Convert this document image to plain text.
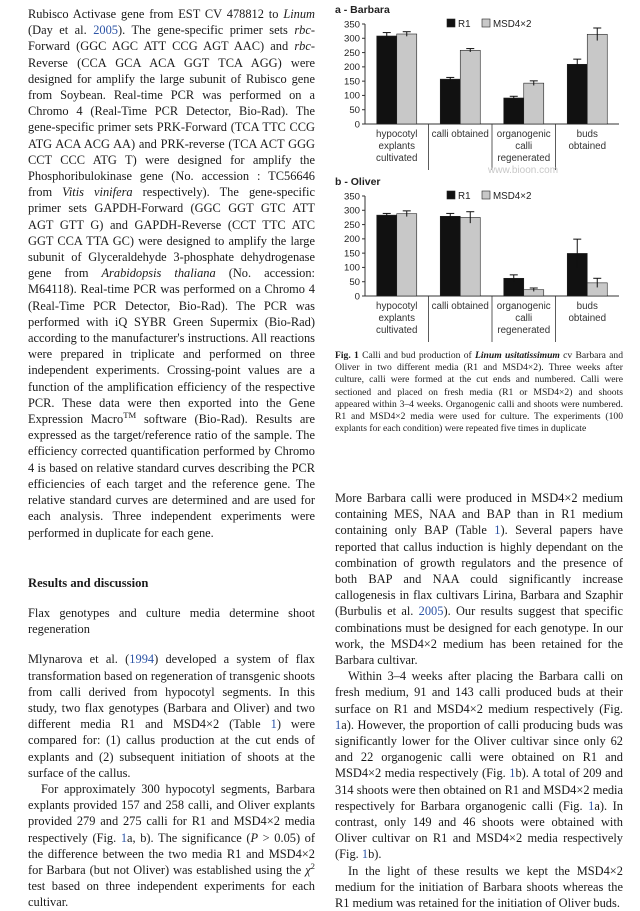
Rubisco Activase gene from EST CV 478812 to Linum (Day et al. 2005). The gene-specific primer sets rbc-Forward (GGC AGC ATT CCG AGT AAC) and rbc-Reverse (CCA GCA ACA GGT TCA AGG) were designed for amplify the large subunit of Rubisco gene from Soybean. Real-time PCR was performed on a Chromo 4 (Real-Time PCR Detector, Bio-Rad). The gene-specific primer sets PRK-Forward (TCA TTC CCG ATG ACA ACG AA) and PRK-reverse (TCA ACT GGG CCT CCC ATG T) were designed for amplify the Phosphoribulokinase gene (No. accession : TC56646 from Vitis vinifera respectively). The gene-specific primer sets GAPDH-Forward (GGC GGT GTC ATT AGT GTT G) and GAPDH-Reverse (CCT TTC ATC GGT CCA TTA GC) were designed to amplify the large subunit of Glyceraldehyde 3-phosphate dehydrogenase gene from Arabidopsis thaliana (No. accession: M64118). Real-time PCR was performed on a Chromo 4 (Real-Time PCR Detector, Bio-Rad). The PCR was performed with iQ SYBR Green Supermix (Bio-Rad) according to the manufacturer's instructions. All reactions were prepared in triplicate and performed on three independent experiments. Crossing-point values are a function of the amplification efficiency of the respective PCR. These data were then exported into the Gene Expression Macro™ software (Bio-Rad). Results are expressed as the target/reference ratio of the sample. The efficiency corrected quantification performed by Chromo 4 is based on relative standard curves describing the PCR efficiencies of each target and the reference gene. The relative standard curves are determined and are used for each analysis. Three independent experiments were performed in duplicate for each gene.

Results and discussion

Flax genotypes and culture media determine shoot regeneration

Mlynarova et al. (1994) developed a system of flax transformation based on regeneration of transgenic shoots from calli derived from hypocotyl segments. In this study, two flax genotypes (Barbara and Oliver) and two different media R1 and MSD4×2 (Table 1) were compared for: (1) callus production at the cut ends of explants and (2) subsequent initiation of shoots at the surface of the callus.

For approximately 300 hypocotyl segments, Barbara explants provided 157 and 258 calli, and Oliver explants provided 279 and 275 calli for R1 and MSD4×2 media respectively (Fig. 1a, b). The significance (P > 0.05) of the difference between the two media R1 and MSD4×2 for Barbara (but not Oliver) was established using the $\chi^2$ test based on three independent experiments for each cultivar.

a - Barbara

0
50
100
150
200
250
300
350
hypocotyl
explants
cultivated
calli obtained organogenic
calli
regenerated
buds
obtained
R1 MSD4×2

b - Oliver

0
50
100
150
200
250
300
350
hypocotyl
explants
cultivated
calli obtained organogenic
calli
regenerated
buds
obtained
R1 MSD4×2

Fig. 1 Calli and bud production of Linum usitatissimum cv Barbara and Oliver in two different media (R1 and MSD4×2). Three weeks after culture, calli were formed at the cut ends and numbered. Calli were sectioned and placed on fresh media (R1 or MSD4×2) and shoots appeared within 3–4 weeks. Organogenic calli and shoots were numbered. R1 and MSD4×2 media were used for culture. The experiments (100 explants for each condition) were repeated five times in duplicate

www.bioon.com

More Barbara calli were produced in MSD4×2 medium containing MES, NAA and BAP than in R1 medium containing only BAP (Table 1). Several papers have reported that callus induction is highly dependant on the combination of growth regulators and the presence of both BAP and NAA could significantly increase callogenesis in flax cultivars Lirina, Barbara and Szaphir (Burbulis et al. 2005). Our results suggest that specific combinations must be designed for each genotype. In our work, the MSD4×2 medium has been retained for the Barbara cultivar.

Within 3–4 weeks after placing the Barbara calli on fresh medium, 91 and 143 calli produced buds at their surface on R1 and MSD4×2 medium respectively (Fig. 1a). However, the proportion of calli producing buds was significantly lower for the Oliver cultivar since only 62 and 22 organogenic calli were obtained on R1 and MSD4×2 media respectively (Fig. 1b). A total of 209 and 314 shoots were then obtained on R1 and MSD4×2 media respectively for Barbara organogenic calli (Fig. 1a). In contrast, only 149 and 46 shoots were obtained with Oliver cultivar on R1 and MSD4×2 media respectively (Fig. 1b).

In the light of these results we kept the MSD4×2 medium for the initiation of Barbara shoots whereas the R1 medium was retained for the initiation of Oliver buds.
